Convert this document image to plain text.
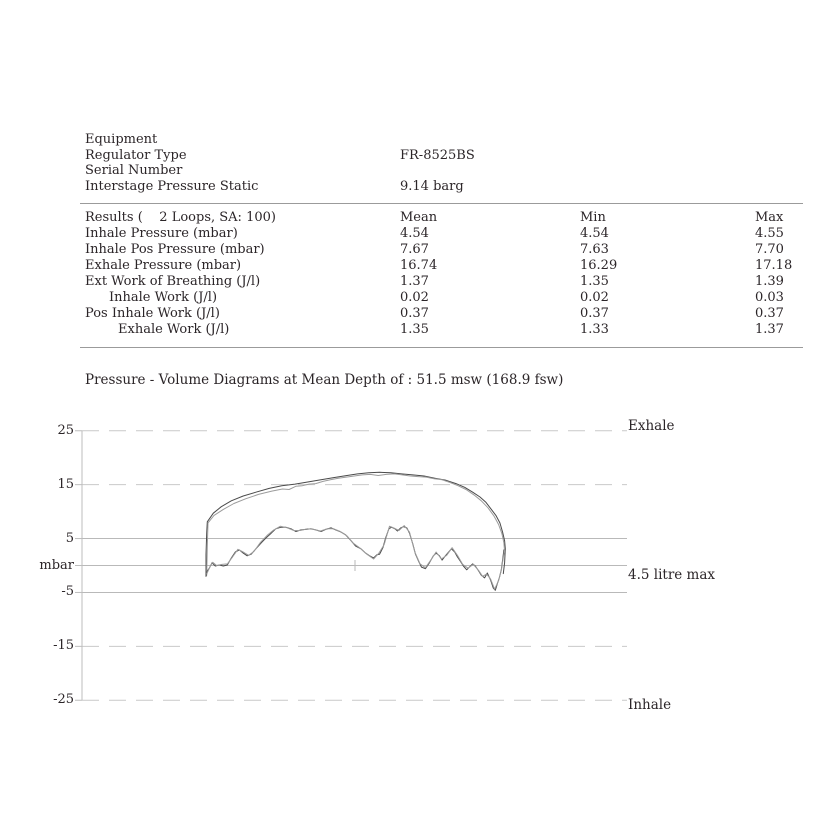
Equipment
Regulator Type	FR-8525BS
Serial Number
Interstage Pressure Static	9.14 barg
Results (    2 Loops, SA: 100)	Mean	Min	Max
Inhale Pressure (mbar)	4.54	4.54	4.55
Inhale Pos Pressure (mbar)	7.67	7.63	7.70
Exhale Pressure (mbar)	16.74	16.29	17.18
Ext Work of Breathing (J/l)	1.37	1.35	1.39
Inhale Work (J/l)	0.02	0.02	0.03
Pos Inhale Work (J/l)	0.37	0.37	0.37
Exhale Work (J/l)	1.35	1.33	1.37
Pressure - Volume Diagrams at Mean Depth of : 51.5 msw (168.9 fsw)
25
15
5
mbar
-5
-15
-25
Exhale
4.5 litre max
Inhale
